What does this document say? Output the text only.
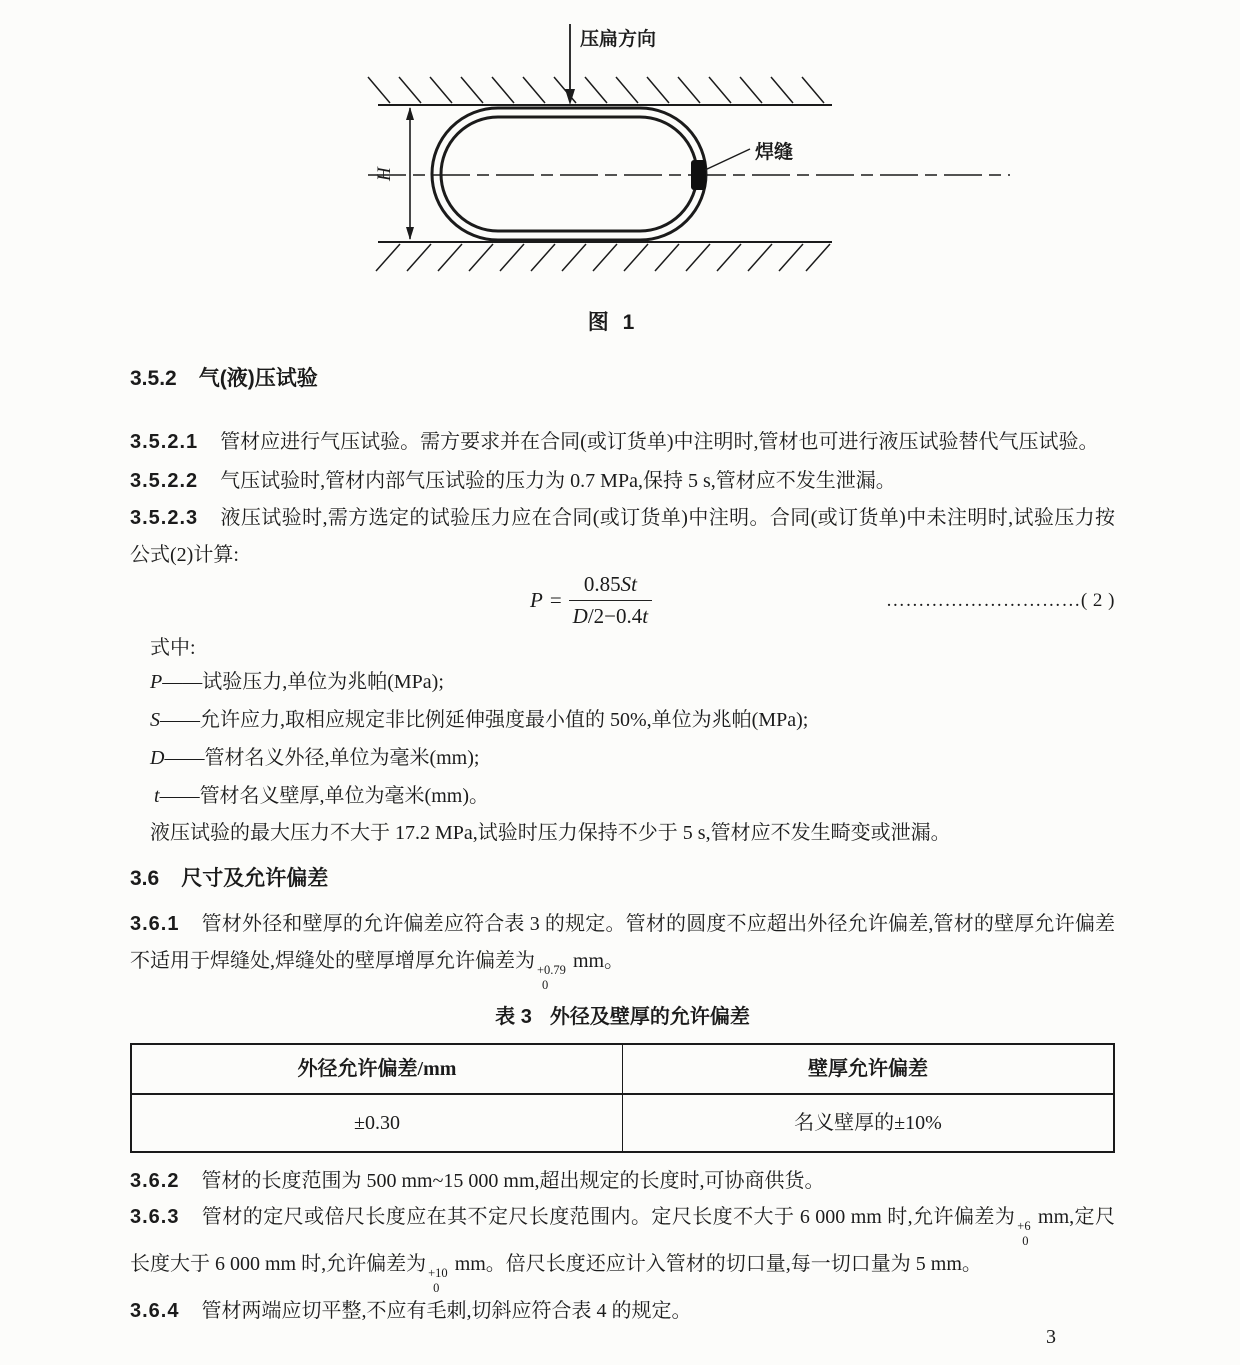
压扁方向
H
焊缝
图 1
3.5.2 气(液)压试验

3.5.2.1 管材应进行气压试验。需方要求并在合同(或订货单)中注明时,管材也可进行液压试验替代气压试验。

3.5.2.2 气压试验时,管材内部气压试验的压力为 0.7 MPa,保持 5 s,管材应不发生泄漏。

3.5.2.3 液压试验时,需方选定的试验压力应在合同(或订货单)中注明。合同(或订货单)中未注明时,试验压力按公式(2)计算:

$P = \frac{0.85St}{D/2-0.4t}$	…………………………( 2 )

式中:

P——试验压力,单位为兆帕(MPa);
S——允许应力,取相应规定非比例延伸强度最小值的 50%,单位为兆帕(MPa);
D——管材名义外径,单位为毫米(mm);
t——管材名义壁厚,单位为毫米(mm)。

液压试验的最大压力不大于 17.2 MPa,试验时压力保持不少于 5 s,管材应不发生畸变或泄漏。

3.6 尺寸及允许偏差

3.6.1 管材外径和壁厚的允许偏差应符合表 3 的规定。管材的圆度不应超出外径允许偏差,管材的壁厚允许偏差不适用于焊缝处,焊缝处的壁厚增厚允许偏差为 +0.79
0
mm。

表 3 外径及壁厚的允许偏差
外径允许偏差/mm	壁厚允许偏差
±0.30	名义壁厚的±10%

3.6.2 管材的长度范围为 500 mm~15 000 mm,超出规定的长度时,可协商供货。

3.6.3 管材的定尺或倍尺长度应在其不定尺长度范围内。定尺长度不大于 6 000 mm 时,允许偏差为 +6
0
mm,定尺长度大于 6 000 mm 时,允许偏差为 +10
0
mm。倍尺长度还应计入管材的切口量,每一切口量为 5 mm。

3.6.4 管材两端应切平整,不应有毛刺,切斜应符合表 4 的规定。

3
